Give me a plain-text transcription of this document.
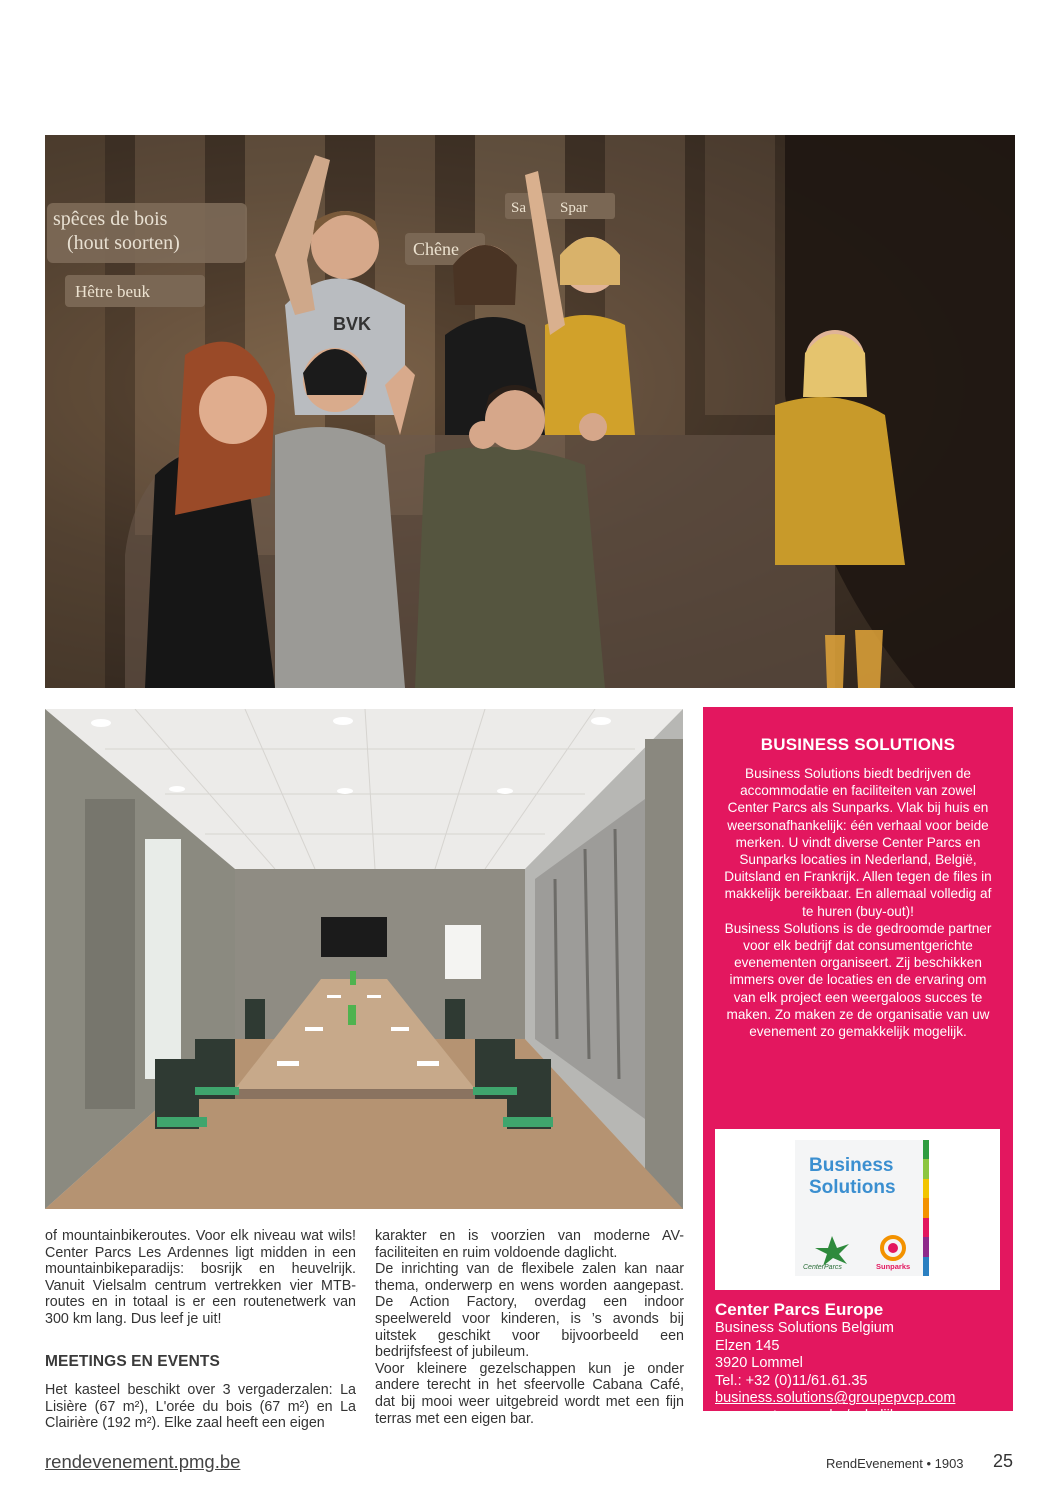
spêces de bois
(hout soorten)	Chêne
Hêtre beuk
Sa Spar
BVK
BUSINESS SOLUTIONS

Business Solutions biedt bedrijven de accommodatie en faciliteiten van zowel Center Parcs als Sunparks. Vlak bij huis en weersonafhankelijk: één verhaal voor beide merken. U vindt diverse Center Parcs en Sunparks locaties in Nederland, België, Duitsland en Frankrijk. Allen tegen de files in makkelijk bereikbaar. En allemaal volledig af te huren (buy-out)!

Business Solutions is de gedroomde partner voor elk bedrijf dat consumentgerichte evenementen organiseert. Zij beschikken immers over de locaties en de ervaring om van elk project een weergaloos succes te maken. Zo maken ze de organisatie van uw evenement zo gemakkelijk mogelijk.

Business Solutions
CenterParcs	Sunparks
Center Parcs Europe
Business Solutions Belgium
Elzen 145
3920 Lommel
Tel.: +32 (0)11/61.61.35
business.solutions@groupepvcp.com
www.centerparcs.be/zakelijk

of mountainbikeroutes. Voor elk niveau wat wils! Center Parcs Les Ardennes ligt midden in een mountainbikeparadijs: bosrijk en heuvelrijk. Vanuit Vielsalm centrum vertrekken vier MTB-routes en in totaal is er een routenetwerk van 300 km lang. Dus leef je uit!

MEETINGS EN EVENTS

Het kasteel beschikt over 3 vergaderzalen: La Lisière (67 m²), L'orée du bois (67 m²) en La Clairière (192 m²). Elke zaal heeft een eigen

karakter en is voorzien van moderne AV-faciliteiten en ruim voldoende daglicht.

De inrichting van de flexibele zalen kan naar thema, onderwerp en wens worden aangepast. De Action Factory, overdag een indoor speelwereld voor kinderen, is ’s avonds bij uitstek geschikt voor bijvoorbeeld een bedrijfsfeest of jubileum.

Voor kleinere gezelschappen kun je onder andere terecht in het sfeervolle Cabana Café, dat bij mooi weer uitgebreid wordt met een fijn terras met een eigen bar.

rendevenement.pmg.be	RendEvenement • 1903 25
